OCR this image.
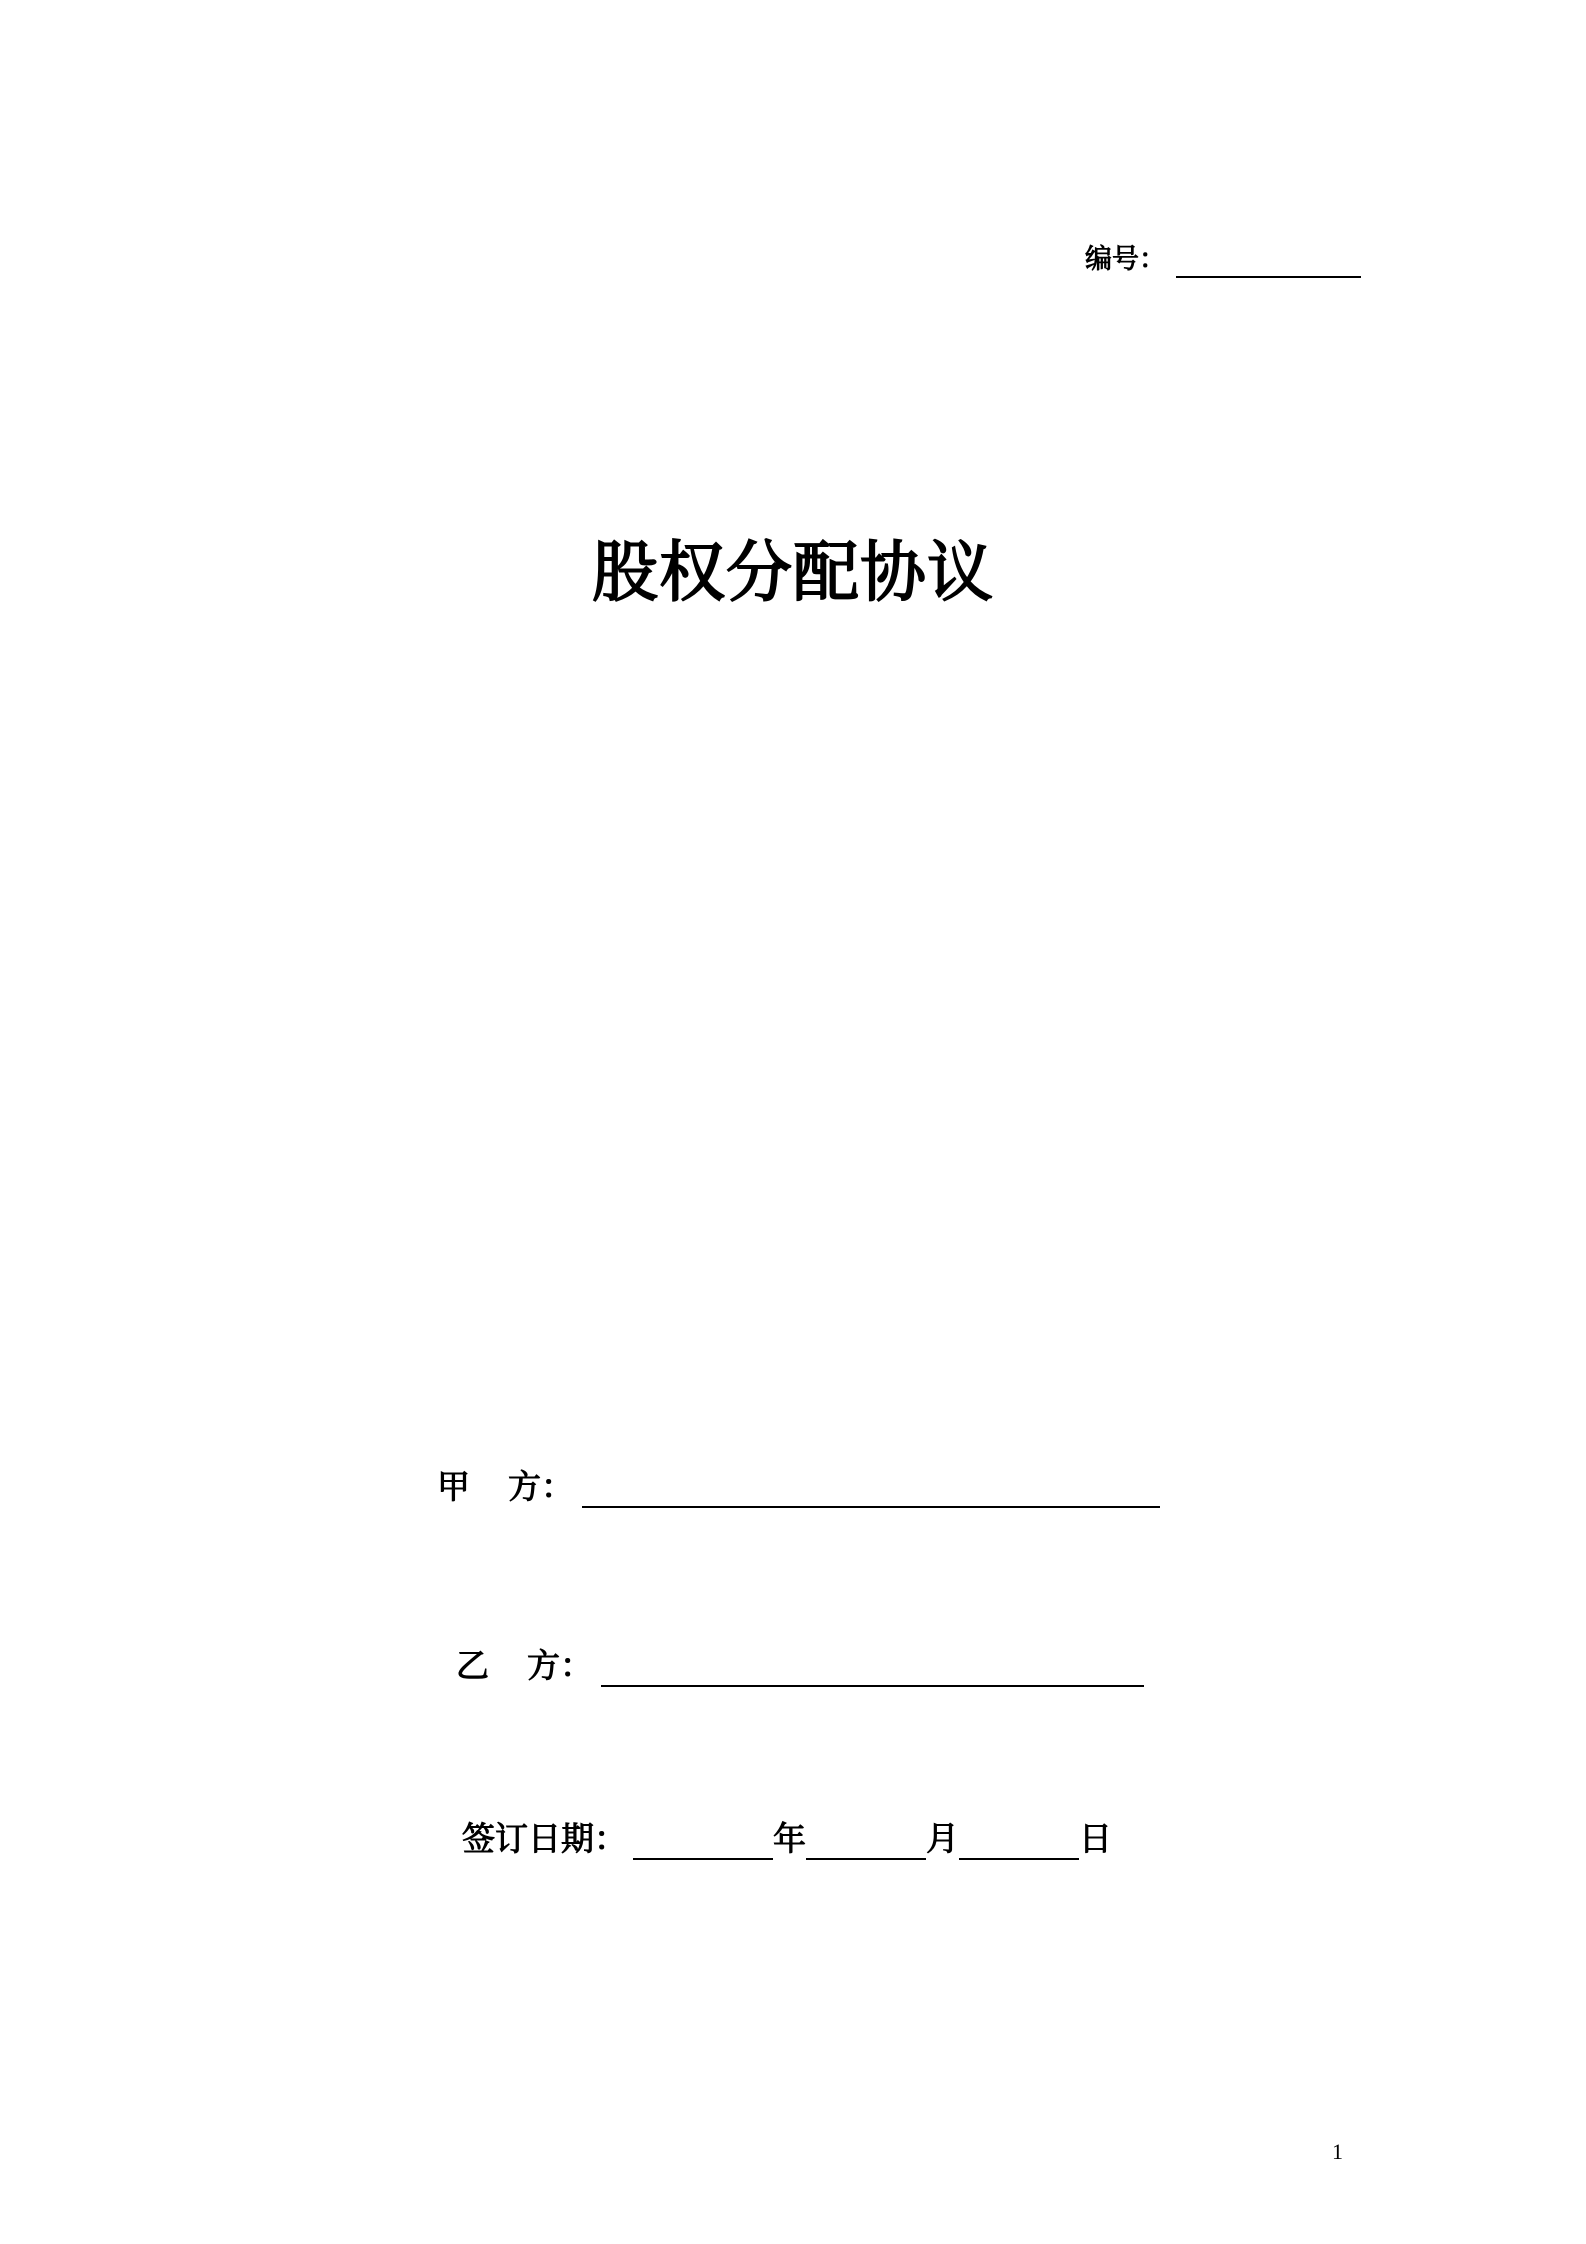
编号：
股权分配协议
甲 方：
乙 方：
签订日期：	年	月	日
1
